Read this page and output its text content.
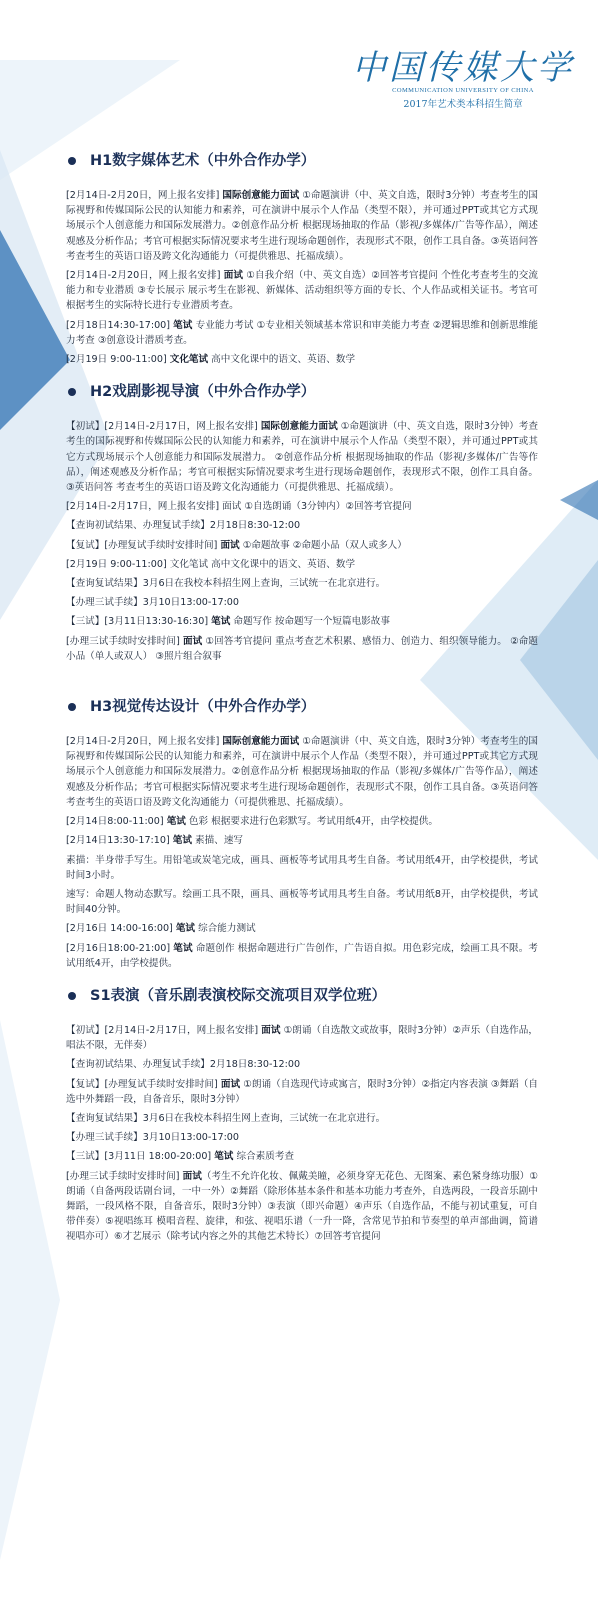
中国传媒大学
COMMUNICATION UNIVERSITY OF CHINA
2017年艺术类本科招生简章
H1数字媒体艺术（中外合作办学）

[2月14日-2月20日，网上报名安排] 国际创意能力面试 ①命题演讲（中、英文自选，限时3分钟）考查考生的国际视野和传媒国际公民的认知能力和素养，可在演讲中展示个人作品（类型不限），并可通过PPT或其它方式现场展示个人创意能力和国际发展潜力。②创意作品分析 根据现场抽取的作品（影视/多媒体/广告等作品），阐述观感及分析作品；考官可根据实际情况要求考生进行现场命题创作，表现形式不限，创作工具自备。③英语问答 考查考生的英语口语及跨文化沟通能力（可提供雅思、托福成绩）。

[2月14日-2月20日，网上报名安排] 面试 ①自我介绍（中、英文自选）②回答考官提问 个性化考查考生的交流能力和专业潜质 ③专长展示 展示考生在影视、新媒体、活动组织等方面的专长、个人作品或相关证书。考官可根据考生的实际特长进行专业潜质考查。

[2月18日14:30-17:00] 笔试 专业能力考试 ①专业相关领域基本常识和审美能力考查 ②逻辑思维和创新思维能力考查 ③创意设计潜质考查。

[2月19日 9:00-11:00] 文化笔试 高中文化课中的语文、英语、数学

H2戏剧影视导演（中外合作办学）

【初试】[2月14日-2月17日，网上报名安排] 国际创意能力面试 ①命题演讲（中、英文自选，限时3分钟）考查考生的国际视野和传媒国际公民的认知能力和素养，可在演讲中展示个人作品（类型不限），并可通过PPT或其它方式现场展示个人创意能力和国际发展潜力。 ②创意作品分析 根据现场抽取的作品（影视/多媒体/广告等作品），阐述观感及分析作品；考官可根据实际情况要求考生进行现场命题创作，表现形式不限，创作工具自备。 ③英语问答 考查考生的英语口语及跨文化沟通能力（可提供雅思、托福成绩）。

[2月14日-2月17日，网上报名安排] 面试 ①自选朗诵（3分钟内）②回答考官提问

【查询初试结果、办理复试手续】2月18日8:30-12:00

【复试】[办理复试手续时安排时间] 面试 ①命题故事 ②命题小品（双人或多人）

[2月19日 9:00-11:00] 文化笔试 高中文化课中的语文、英语、数学

【查询复试结果】3月6日在我校本科招生网上查询，三试统一在北京进行。

【办理三试手续】3月10日13:00-17:00

【三试】[3月11日13:30-16:30] 笔试 命题写作 按命题写一个短篇电影故事

[办理三试手续时安排时间] 面试 ①回答考官提问 重点考查艺术积累、感悟力、创造力、组织领导能力。 ②命题小品（单人或双人） ③照片组合叙事

H3视觉传达设计（中外合作办学）

[2月14日-2月20日，网上报名安排] 国际创意能力面试 ①命题演讲（中、英文自选，限时3分钟）考查考生的国际视野和传媒国际公民的认知能力和素养，可在演讲中展示个人作品（类型不限），并可通过PPT或其它方式现场展示个人创意能力和国际发展潜力。②创意作品分析 根据现场抽取的作品（影视/多媒体/广告等作品），阐述观感及分析作品；考官可根据实际情况要求考生进行现场命题创作，表现形式不限，创作工具自备。③英语问答 考查考生的英语口语及跨文化沟通能力（可提供雅思、托福成绩）。

[2月14日8:00-11:00] 笔试 色彩 根据要求进行色彩默写。考试用纸4开，由学校提供。

[2月14日13:30-17:10] 笔试 素描、速写

素描：半身带手写生。用铅笔或炭笔完成，画具、画板等考试用具考生自备。考试用纸4开，由学校提供，考试时间3小时。

速写：命题人物动态默写。绘画工具不限，画具、画板等考试用具考生自备。考试用纸8开，由学校提供，考试时间40分钟。

[2月16日 14:00-16:00] 笔试 综合能力测试

[2月16日18:00-21:00] 笔试 命题创作 根据命题进行广告创作，广告语自拟。用色彩完成，绘画工具不限。考试用纸4开，由学校提供。

S1表演（音乐剧表演校际交流项目双学位班）

【初试】[2月14日-2月17日，网上报名安排] 面试 ①朗诵（自选散文或故事，限时3分钟）②声乐（自选作品，唱法不限，无伴奏）

【查询初试结果、办理复试手续】2月18日8:30-12:00

【复试】[办理复试手续时安排时间] 面试 ①朗诵（自选现代诗或寓言，限时3分钟）②指定内容表演 ③舞蹈（自选中外舞蹈一段，自备音乐，限时3分钟）

【查询复试结果】3月6日在我校本科招生网上查询，三试统一在北京进行。

【办理三试手续】3月10日13:00-17:00

【三试】[3月11日 18:00-20:00] 笔试 综合素质考查

[办理三试手续时安排时间] 面试（考生不允许化妆、佩戴美瞳，必须身穿无花色、无图案、素色紧身练功服）①朗诵（自备两段话剧台词，一中一外）②舞蹈（除形体基本条件和基本功能力考查外，自选两段，一段音乐剧中舞蹈，一段风格不限，自备音乐，限时3分钟）③表演（即兴命题）④声乐（自选作品，不能与初试重复，可自带伴奏）⑤视唱练耳 模唱音程、旋律，和弦、视唱乐谱（一升一降，含常见节拍和节奏型的单声部曲调，简谱视唱亦可）⑥才艺展示（除考试内容之外的其他艺术特长）⑦回答考官提问
